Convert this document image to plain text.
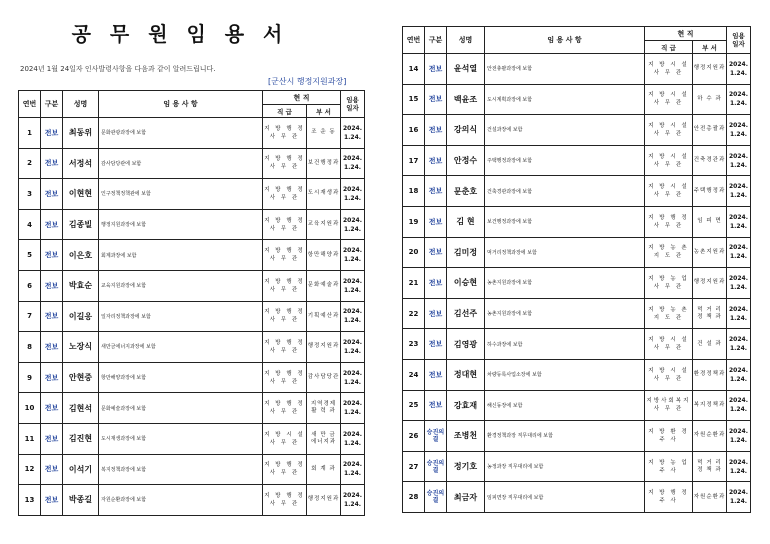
공 무 원 임 용 서
2024년 1월 24일자 인사발령사항을 다음과 같이 알려드립니다.
[군산시 행정지원과장]
연번	구분	성명	임 용 사 항	현 직		임용
일자
				직 급	부 서	
1	전보	최동위	문화관광과장에 보함	지 방 행 정 사 무 관	조 운 동	2024.
1.24.
2	전보	서정석	감사담당관에 보함	지 방 행 정 사 무 관	보건행정과	2024.
1.24.
3	전보	이현현	인구정책정책관에 보함	지 방 행 정 사 무 관	도시재생과	2024.
1.24.
4	전보	김종빌	행정지원과장에 보함	지 방 행 정 사 무 관	교육지원과	2024.
1.24.
5	전보	이은호	회계과장에 보함	지 방 행 정 사 무 관	항만해양과	2024.
1.24.
6	전보	박효순	교육지원과장에 보함	지 방 행 정 사 무 관	문화예술과	2024.
1.24.
7	전보	이길응	일자리정책과장에 보함	지 방 행 정 사 무 관	기획예산과	2024.
1.24.
8	전보	노장식	새만금에너지과장에 보함	지 방 행 정 사 무 관	행정지원과	2024.
1.24.
9	전보	안현중	항만해양과장에 보함	지 방 행 정 사 무 관	감사담당관	2024.
1.24.
10	전보	김현석	문화예술과장에 보함	지 방 행 정 사 무 관	지역경제 활 력 과	2024.
1.24.
11	전보	김진현	도시재생과장에 보함	지 방 시 설 사 무 관	새 만 금 에너지과	2024.
1.24.
12	전보	이석기	복지정책과장에 보함	지 방 행 정 사 무 관	회 계 과	2024.
1.24.
13	전보	박종길	자원순환과장에 보함	지 방 행 정 사 무 관	행정지원과	2024.
1.24.
연번	구분	성명	임 용 사 항	현 직		임용
일자
				직 급	부 서	
14	전보	윤석열	안전총괄과장에 보함	지 방 시 설 사 무 관	행정지원과	2024.
1.24.
15	전보	백윤조	도시계획과장에 보함	지 방 시 설 사 무 관	하 수 과	2024.
1.24.
16	전보	강의식	건설과장에 보함	지 방 시 설 사 무 관	안전총괄과	2024.
1.24.
17	전보	안정수	주택행정과장에 보함	지 방 시 설 사 무 관	건축경관과	2024.
1.24.
18	전보	문춘호	건축경관과장에 보함	지 방 시 설 사 무 관	주택행정과	2024.
1.24.
19	전보	김 현	보건행정과장에 보함	지 방 행 정 사 무 관	임 피 면	2024.
1.24.
20	전보	김미정	먹거리정책과장에 보함	지 방 농 촌 지 도 관	농촌지원과	2024.
1.24.
21	전보	이승현	농촌지원과장에 보함	지 방 농 업 사 무 관	행정지원과	2024.
1.24.
22	전보	김선주	농촌지원과장에 보함	지 방 농 촌 지 도 관	먹 거 리 정 책 과	2024.
1.24.
23	전보	김영광	하수과장에 보함	지 방 시 설 사 무 관	건 설 과	2024.
1.24.
24	전보	정대현	차량등록사업소장에 보함	지 방 시 설 사 무 관	환경정책과	2024.
1.24.
25	전보	강효재	해신동장에 보함	지방사회복지 사 무 관	복지정책과	2024.
1.24.
26	승진의결	조병천	환경정책과장 직무대리에 보함	지 방 환 경 주 사	자원순환과	2024.
1.24.
27	승진의결	정기호	농정과장 직무대리에 보함	지 방 농 업 주 사	먹 거 리 정 책 과	2024.
1.24.
28	승진의결	최금자	임피면장 직무대리에 보함	지 방 행 정 주 사	자원순환과	2024.
1.24.
